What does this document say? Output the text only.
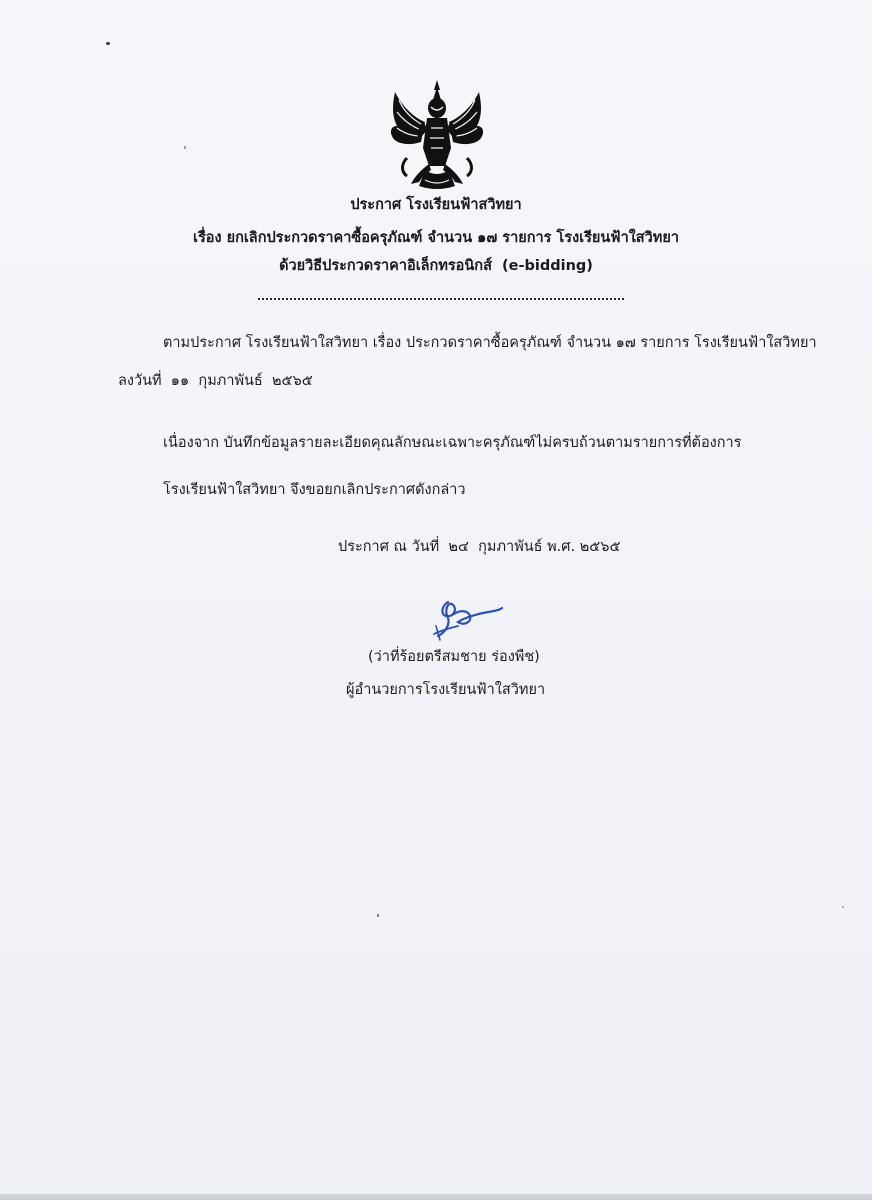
ประกาศ โรงเรียนฟ้าสวิทยา
เรื่อง ยกเลิกประกวดราคาซื้อครุภัณฑ์ จำนวน ๑๗ รายการ โรงเรียนฟ้าใสวิทยา
ด้วยวิธีประกวดราคาอิเล็กทรอนิกส์  (e-bidding)
ตามประกาศ โรงเรียนฟ้าใสวิทยา เรื่อง ประกวดราคาซื้อครุภัณฑ์ จำนวน ๑๗ รายการ โรงเรียนฟ้าใสวิทยา
ลงวันที่  ๑๑  กุมภาพันธ์  ๒๕๖๕
เนื่องจาก บันทึกข้อมูลรายละเอียดคุณลักษณะเฉพาะครุภัณฑ์ไม่ครบถ้วนตามรายการที่ต้องการ
โรงเรียนฟ้าใสวิทยา จึงขอยกเลิกประกาศดังกล่าว
ประกาศ ณ วันที่  ๒๔  กุมภาพันธ์ พ.ศ. ๒๕๖๕
(ว่าที่ร้อยตรีสมชาย ร่องพืช)
ผู้อำนวยการโรงเรียนฟ้าใสวิทยา
